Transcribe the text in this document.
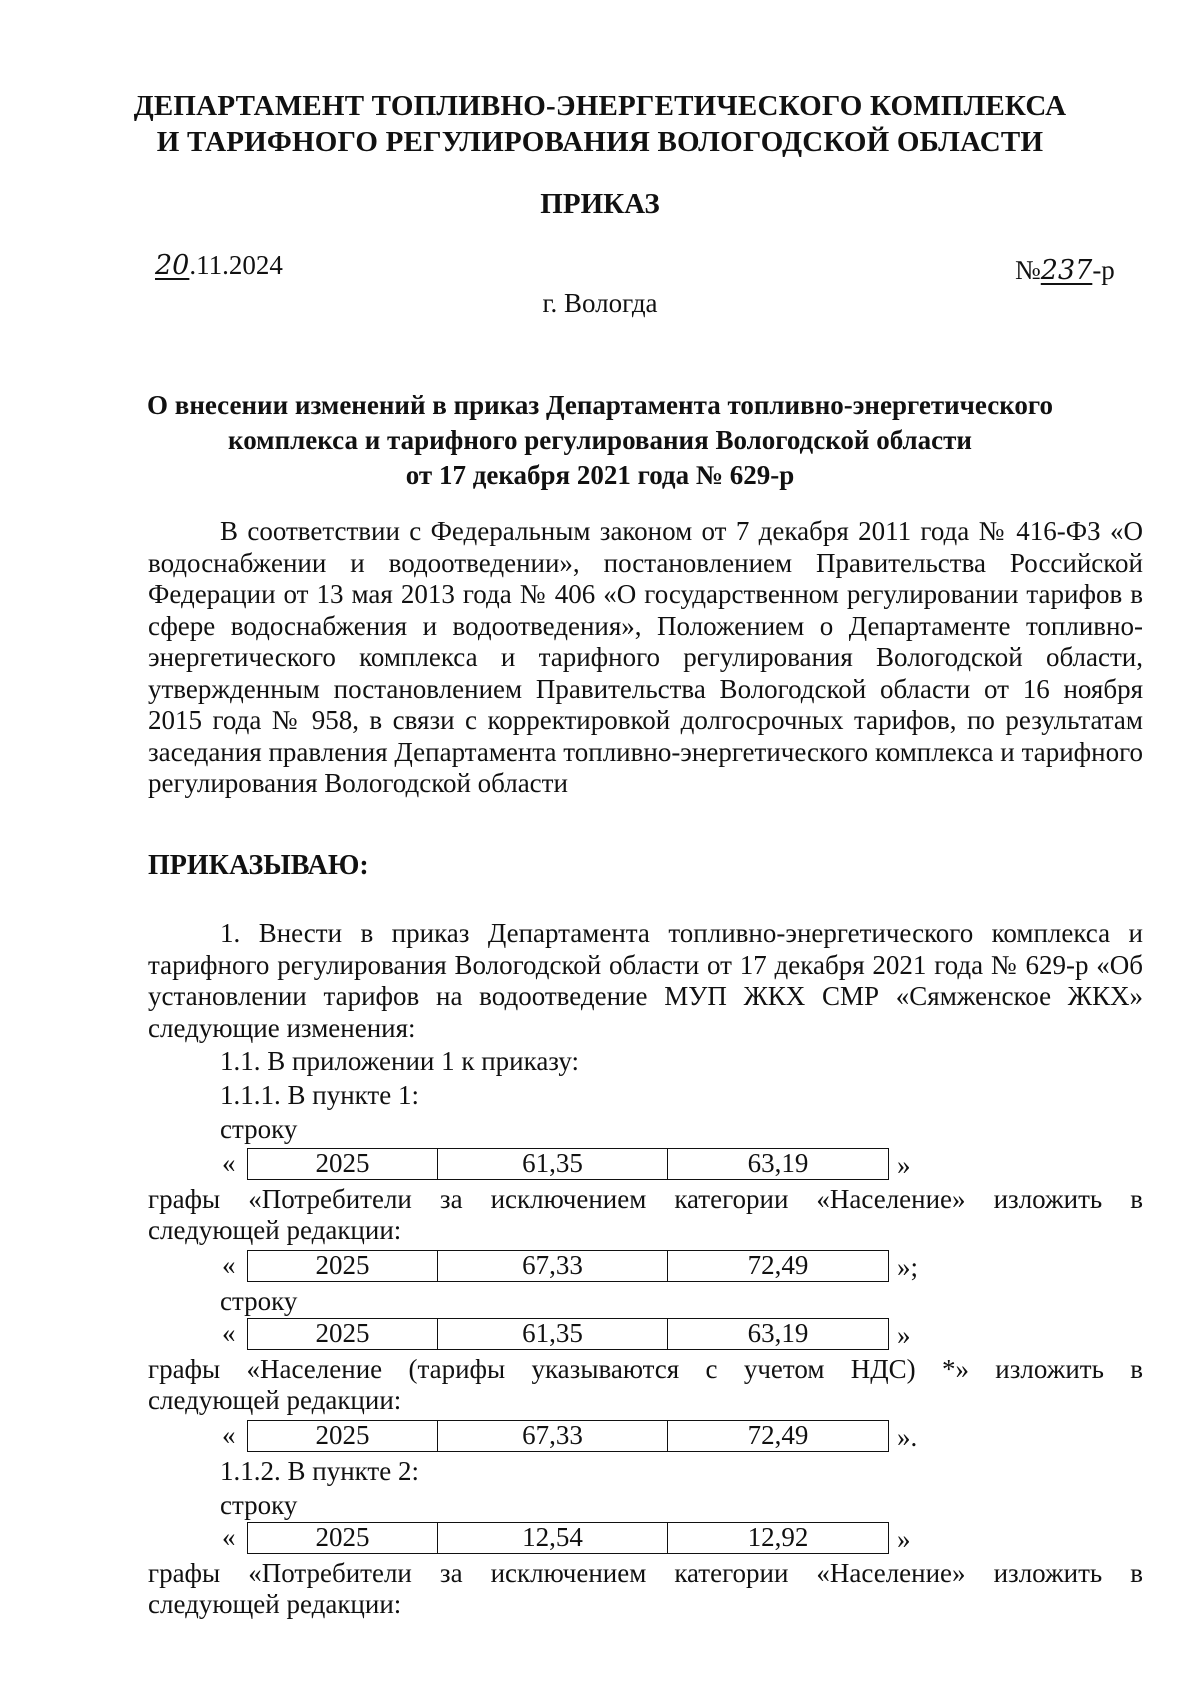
ДЕПАРТАМЕНТ ТОПЛИВНО-ЭНЕРГЕТИЧЕСКОГО КОМПЛЕКСА
И ТАРИФНОГО РЕГУЛИРОВАНИЯ ВОЛОГОДСКОЙ ОБЛАСТИ
ПРИКАЗ
20.11.2024	№237-р
г. Вологда
О внесении изменений в приказ Департамента топливно-энергетического
комплекса и тарифного регулирования Вологодской области
от 17 декабря 2021 года № 629-р
В соответствии с Федеральным законом от 7 декабря 2011 года № 416-ФЗ «О водоснабжении и водоотведении», постановлением Правительства Российской Федерации от 13 мая 2013 года № 406 «О государственном регулировании тарифов в сфере водоснабжения и водоотведения», Положением о Департаменте топливно-энергетического комплекса и тарифного регулирования Вологодской области, утвержденным постановлением Правительства Вологодской области от 16 ноября 2015 года № 958, в связи с корректировкой долгосрочных тарифов, по результатам заседания правления Департамента топливно-энергетического комплекса и тарифного регулирования Вологодской области
ПРИКАЗЫВАЮ:
1. Внести в приказ Департамента топливно-энергетического комплекса и тарифного регулирования Вологодской области от 17 декабря 2021 года № 629-р «Об установлении тарифов на водоотведение МУП ЖКХ СМР «Сямженское ЖКХ» следующие изменения:
1.1. В приложении 1 к приказу:
1.1.1. В пункте 1:
строку
«	2025	61,35	63,19	»
графы «Потребители за исключением категории «Население» изложить в
следующей редакции:
«	2025	67,33	72,49	»;
строку
«	2025	61,35	63,19	»
графы «Население (тарифы указываются с учетом НДС) *» изложить в
следующей редакции:
«	2025	67,33	72,49	».
1.1.2. В пункте 2:
строку
«	2025	12,54	12,92	»
графы «Потребители за исключением категории «Население» изложить в
следующей редакции:
